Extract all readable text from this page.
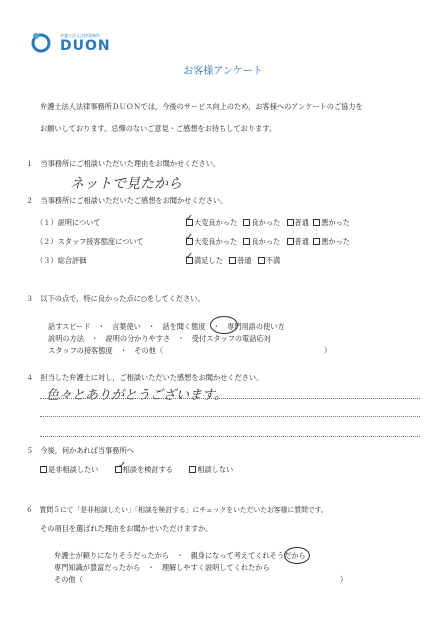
弁護士法人法律事務所
DUON
お客様アンケート
弁護士法人法律事務所ＤＵＯＮでは，今後のサービス向上のため，お客様へのアンケートのご協力を
お願いしております。忌憚のないご意見・ご感想をお待ちしております。
１　当事務所にご相談いただいた理由をお聞かせください。
ネットで見たから
２　当事務所にご相談いただいたご感想をお聞かせください。
（１）説明について	大変良かった 良かった 普通 悪かった
✓
（２）スタッフ接客態度について	大変良かった 良かった 普通 悪かった
✓
（３）総合評価	満足した 普通 不満
✓
３　以下の点で，特に良かった点に○をしてください。
話すスピード　・　言葉使い　・　話を聞く態度　・　専門用語の使い方
説明の方法　・　説明の分かりやすさ　・　受付スタッフの電話応対
スタッフの接客態度　・　その他（	）
４　担当した弁護士に対し，ご相談いただいた感想をお聞かせください。
色々とありがとうございます。
５　今後，何かあれば当事務所へ
是非相談したい	相談を検討する	相談しない
✓
６　質問５にて「是非相談したい」「相談を検討する」にチェックをいただいたお客様に質問です。
その項目を選ばれた理由をお聞かせいただけますか。
弁護士が頼りになりそうだったから　・　親身になって考えてくれそうだから
専門知識が豊富だったから　・　理解しやすく説明してくれたから
その他（	）
